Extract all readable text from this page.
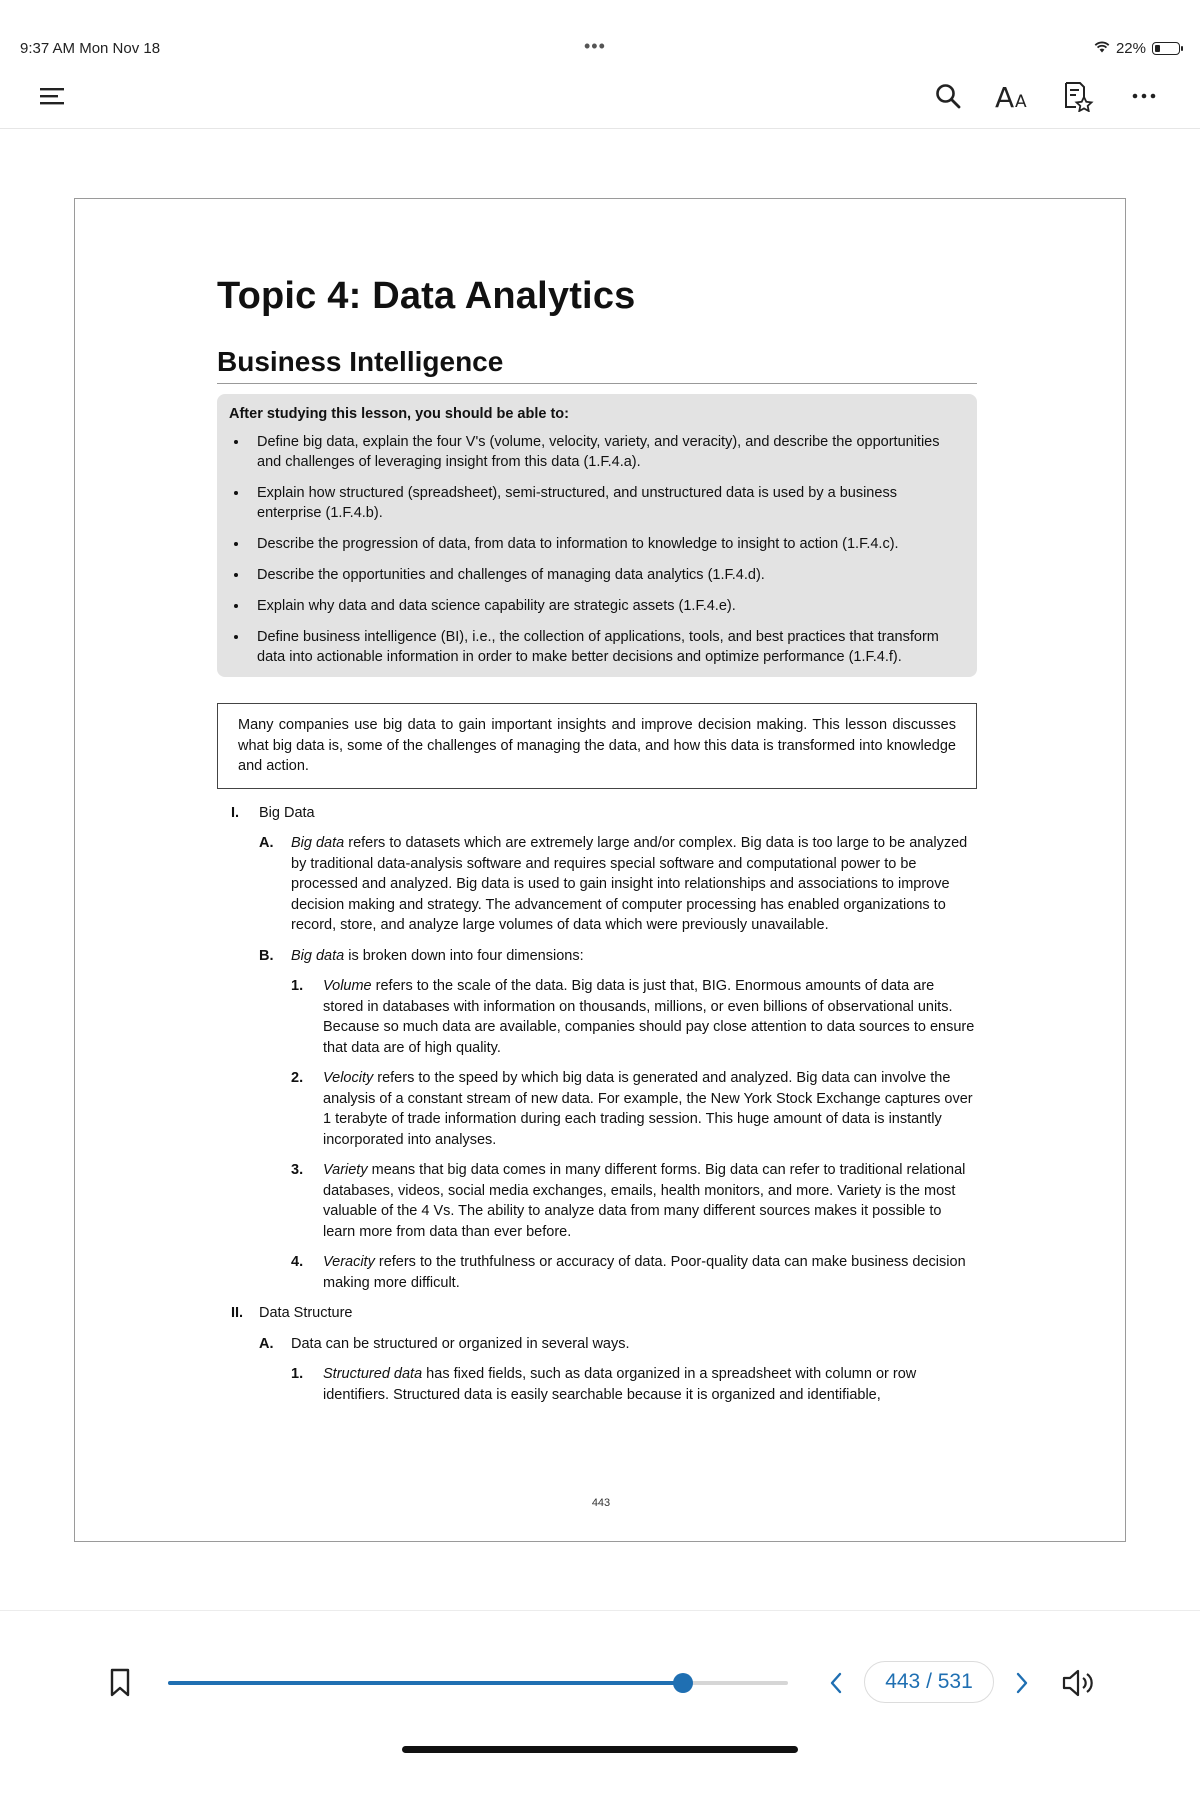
9:37 AM Mon Nov 18	•••	22%
A A
Topic 4: Data Analytics
Business Intelligence
After studying this lesson, you should be able to:
• Define big data, explain the four V's (volume, velocity, variety, and veracity), and describe the opportunities and challenges of leveraging insight from this data (1.F.4.a).
• Explain how structured (spreadsheet), semi-structured, and unstructured data is used by a business enterprise (1.F.4.b).
• Describe the progression of data, from data to information to knowledge to insight to action (1.F.4.c).
• Describe the opportunities and challenges of managing data analytics (1.F.4.d).
• Explain why data and data science capability are strategic assets (1.F.4.e).
• Define business intelligence (BI), i.e., the collection of applications, tools, and best practices that transform data into actionable information in order to make better decisions and optimize performance (1.F.4.f).
Many companies use big data to gain important insights and improve decision making. This lesson discusses what big data is, some of the challenges of managing the data, and how this data is transformed into knowledge and action.
I.	Big Data
A.	Big data refers to datasets which are extremely large and/or complex. Big data is too large to be analyzed by traditional data-analysis software and requires special software and computational power to be processed and analyzed. Big data is used to gain insight into relationships and associations to improve decision making and strategy. The advancement of computer processing has enabled organizations to record, store, and analyze large volumes of data which were previously unavailable.
B.	Big data is broken down into four dimensions:
1.	Volume refers to the scale of the data. Big data is just that, BIG. Enormous amounts of data are stored in databases with information on thousands, millions, or even billions of observational units. Because so much data are available, companies should pay close attention to data sources to ensure that data are of high quality.
2.	Velocity refers to the speed by which big data is generated and analyzed. Big data can involve the analysis of a constant stream of new data. For example, the New York Stock Exchange captures over 1 terabyte of trade information during each trading session. This huge amount of data is instantly incorporated into analyses.
3.	Variety means that big data comes in many different forms. Big data can refer to traditional relational databases, videos, social media exchanges, emails, health monitors, and more. Variety is the most valuable of the 4 Vs. The ability to analyze data from many different sources makes it possible to learn more from data than ever before.
4.	Veracity refers to the truthfulness or accuracy of data. Poor-quality data can make business decision making more difficult.
II.	Data Structure
A.	Data can be structured or organized in several ways.
1.	Structured data has fixed fields, such as data organized in a spreadsheet with column or row identifiers. Structured data is easily searchable because it is organized and identifiable,
443
443 / 531
